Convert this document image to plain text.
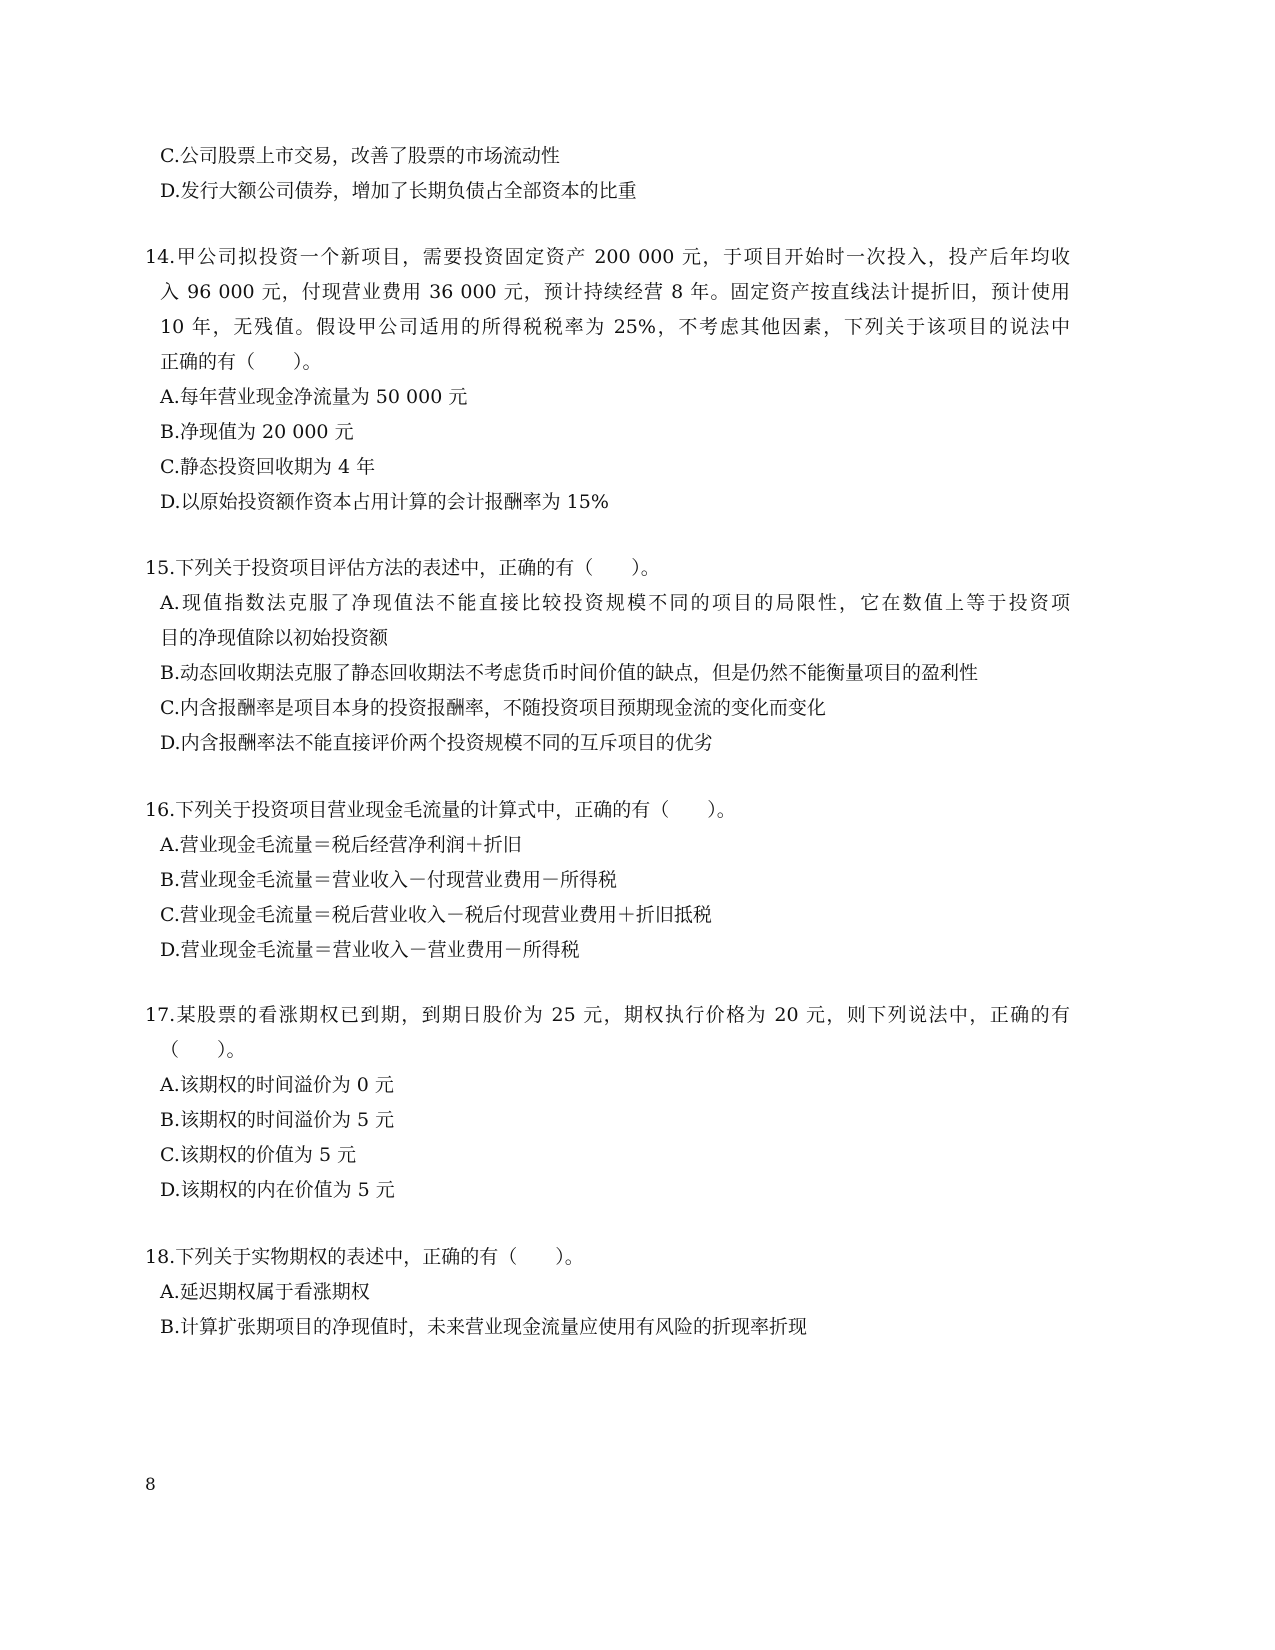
C.公司股票上市交易，改善了股票的市场流动性
D.发行大额公司债券，增加了长期负债占全部资本的比重
14.甲公司拟投资一个新项目，需要投资固定资产 200 000 元，于项目开始时一次投入，投产后年均收
入 96 000 元，付现营业费用 36 000 元，预计持续经营 8 年。固定资产按直线法计提折旧，预计使用
10 年，无残值。假设甲公司适用的所得税税率为 25%，不考虑其他因素，下列关于该项目的说法中
正确的有（　　）。
A.每年营业现金净流量为 50 000 元
B.净现值为 20 000 元
C.静态投资回收期为 4 年
D.以原始投资额作资本占用计算的会计报酬率为 15%
15.下列关于投资项目评估方法的表述中，正确的有（　　）。
A.现值指数法克服了净现值法不能直接比较投资规模不同的项目的局限性，它在数值上等于投资项
目的净现值除以初始投资额
B.动态回收期法克服了静态回收期法不考虑货币时间价值的缺点，但是仍然不能衡量项目的盈利性
C.内含报酬率是项目本身的投资报酬率，不随投资项目预期现金流的变化而变化
D.内含报酬率法不能直接评价两个投资规模不同的互斥项目的优劣
16.下列关于投资项目营业现金毛流量的计算式中，正确的有（　　）。
A.营业现金毛流量＝税后经营净利润＋折旧
B.营业现金毛流量＝营业收入－付现营业费用－所得税
C.营业现金毛流量＝税后营业收入－税后付现营业费用＋折旧抵税
D.营业现金毛流量＝营业收入－营业费用－所得税
17.某股票的看涨期权已到期，到期日股价为 25 元，期权执行价格为 20 元，则下列说法中，正确的有
（　　）。
A.该期权的时间溢价为 0 元
B.该期权的时间溢价为 5 元
C.该期权的价值为 5 元
D.该期权的内在价值为 5 元
18.下列关于实物期权的表述中，正确的有（　　）。
A.延迟期权属于看涨期权
B.计算扩张期项目的净现值时，未来营业现金流量应使用有风险的折现率折现
8
